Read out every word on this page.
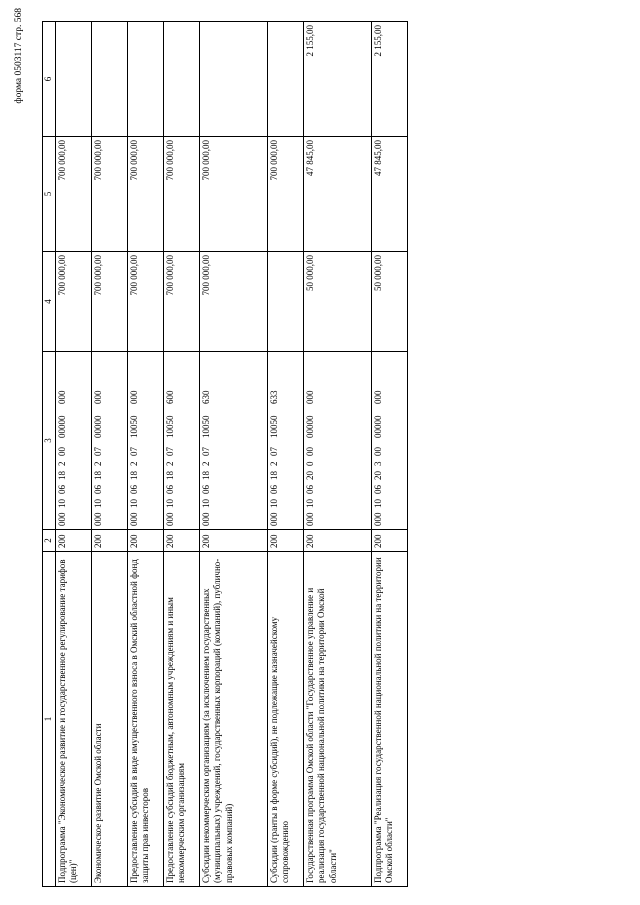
форма 0503117 стр. 568
1	2	3	4	5	6
Подпрограмма "Экономическое развитие и государственное регулирование тарифов (цен)"	200	00010061820000000000	700 000,00	700 000,00	
Экономическое развитие Омской области	200	00010061820700000000	700 000,00	700 000,00	
Предоставление субсидий в виде имущественного взноса в Омский областной фонд защиты прав инвесторов	200	00010061820710050000	700 000,00	700 000,00	
Предоставление субсидий бюджетным, автономным учреждениям и иным некоммерческим организациям	200	00010061820710050600	700 000,00	700 000,00	
Субсидии некоммерческим организациям (за исключением государственных (муниципальных) учреждений, государственных корпораций (компаний), публично-правовых компаний)	200	00010061820710050630	700 000,00	700 000,00	
Субсидии (гранты в форме субсидий), не подлежащие казначейскому сопровождению	200	00010061820710050633		700 000,00	
Государственная программа Омской области "Государственное управление и реализация государственной национальной политики на территории Омской области"	200	00010062000000000000	50 000,00	47 845,00	2 155,00
Подпрограмма "Реализация государственной национальной политики на территории Омской области"	200	00010062030000000000	50 000,00	47 845,00	2 155,00
